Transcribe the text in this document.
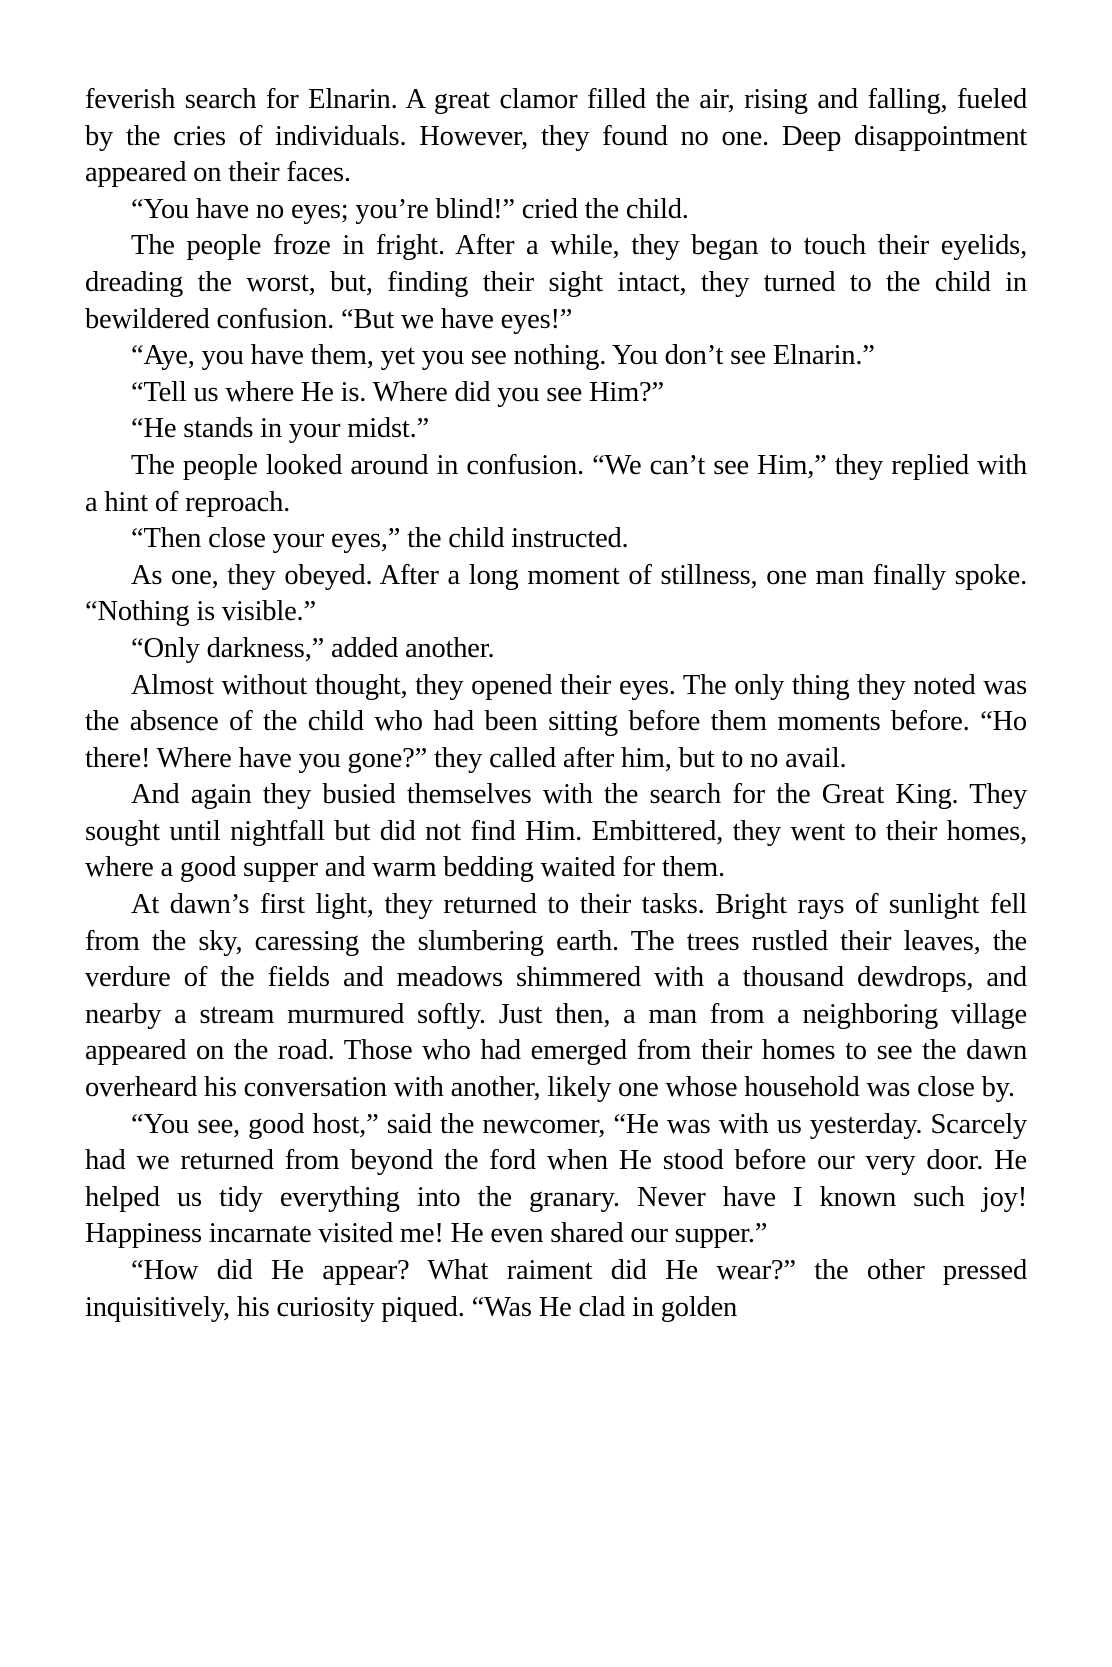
feverish search for Elnarin. A great clamor filled the air, rising and falling, fueled by the cries of individuals. However, they found no one. Deep disappointment appeared on their faces.

“You have no eyes; you’re blind!” cried the child.

The people froze in fright. After a while, they began to touch their eyelids, dreading the worst, but, finding their sight intact, they turned to the child in bewildered confusion. “But we have eyes!”

“Aye, you have them, yet you see nothing. You don’t see Elnarin.”

“Tell us where He is. Where did you see Him?”

“He stands in your midst.”

The people looked around in confusion. “We can’t see Him,” they replied with a hint of reproach.

“Then close your eyes,” the child instructed.

As one, they obeyed. After a long moment of stillness, one man finally spoke. “Nothing is visible.”

“Only darkness,” added another.

Almost without thought, they opened their eyes. The only thing they noted was the absence of the child who had been sitting before them moments before. “Ho there! Where have you gone?” they called after him, but to no avail.

And again they busied themselves with the search for the Great King. They sought until nightfall but did not find Him. Embittered, they went to their homes, where a good supper and warm bedding waited for them.

At dawn’s first light, they returned to their tasks. Bright rays of sunlight fell from the sky, caressing the slumbering earth. The trees rustled their leaves, the verdure of the fields and meadows shimmered with a thousand dewdrops, and nearby a stream murmured softly. Just then, a man from a neighboring village appeared on the road. Those who had emerged from their homes to see the dawn overheard his conversation with another, likely one whose household was close by.

“You see, good host,” said the newcomer, “He was with us yesterday. Scarcely had we returned from beyond the ford when He stood before our very door. He helped us tidy everything into the granary. Never have I known such joy! Happiness incarnate visited me! He even shared our supper.”

“How did He appear? What raiment did He wear?” the other pressed inquisitively, his curiosity piqued. “Was He clad in golden
